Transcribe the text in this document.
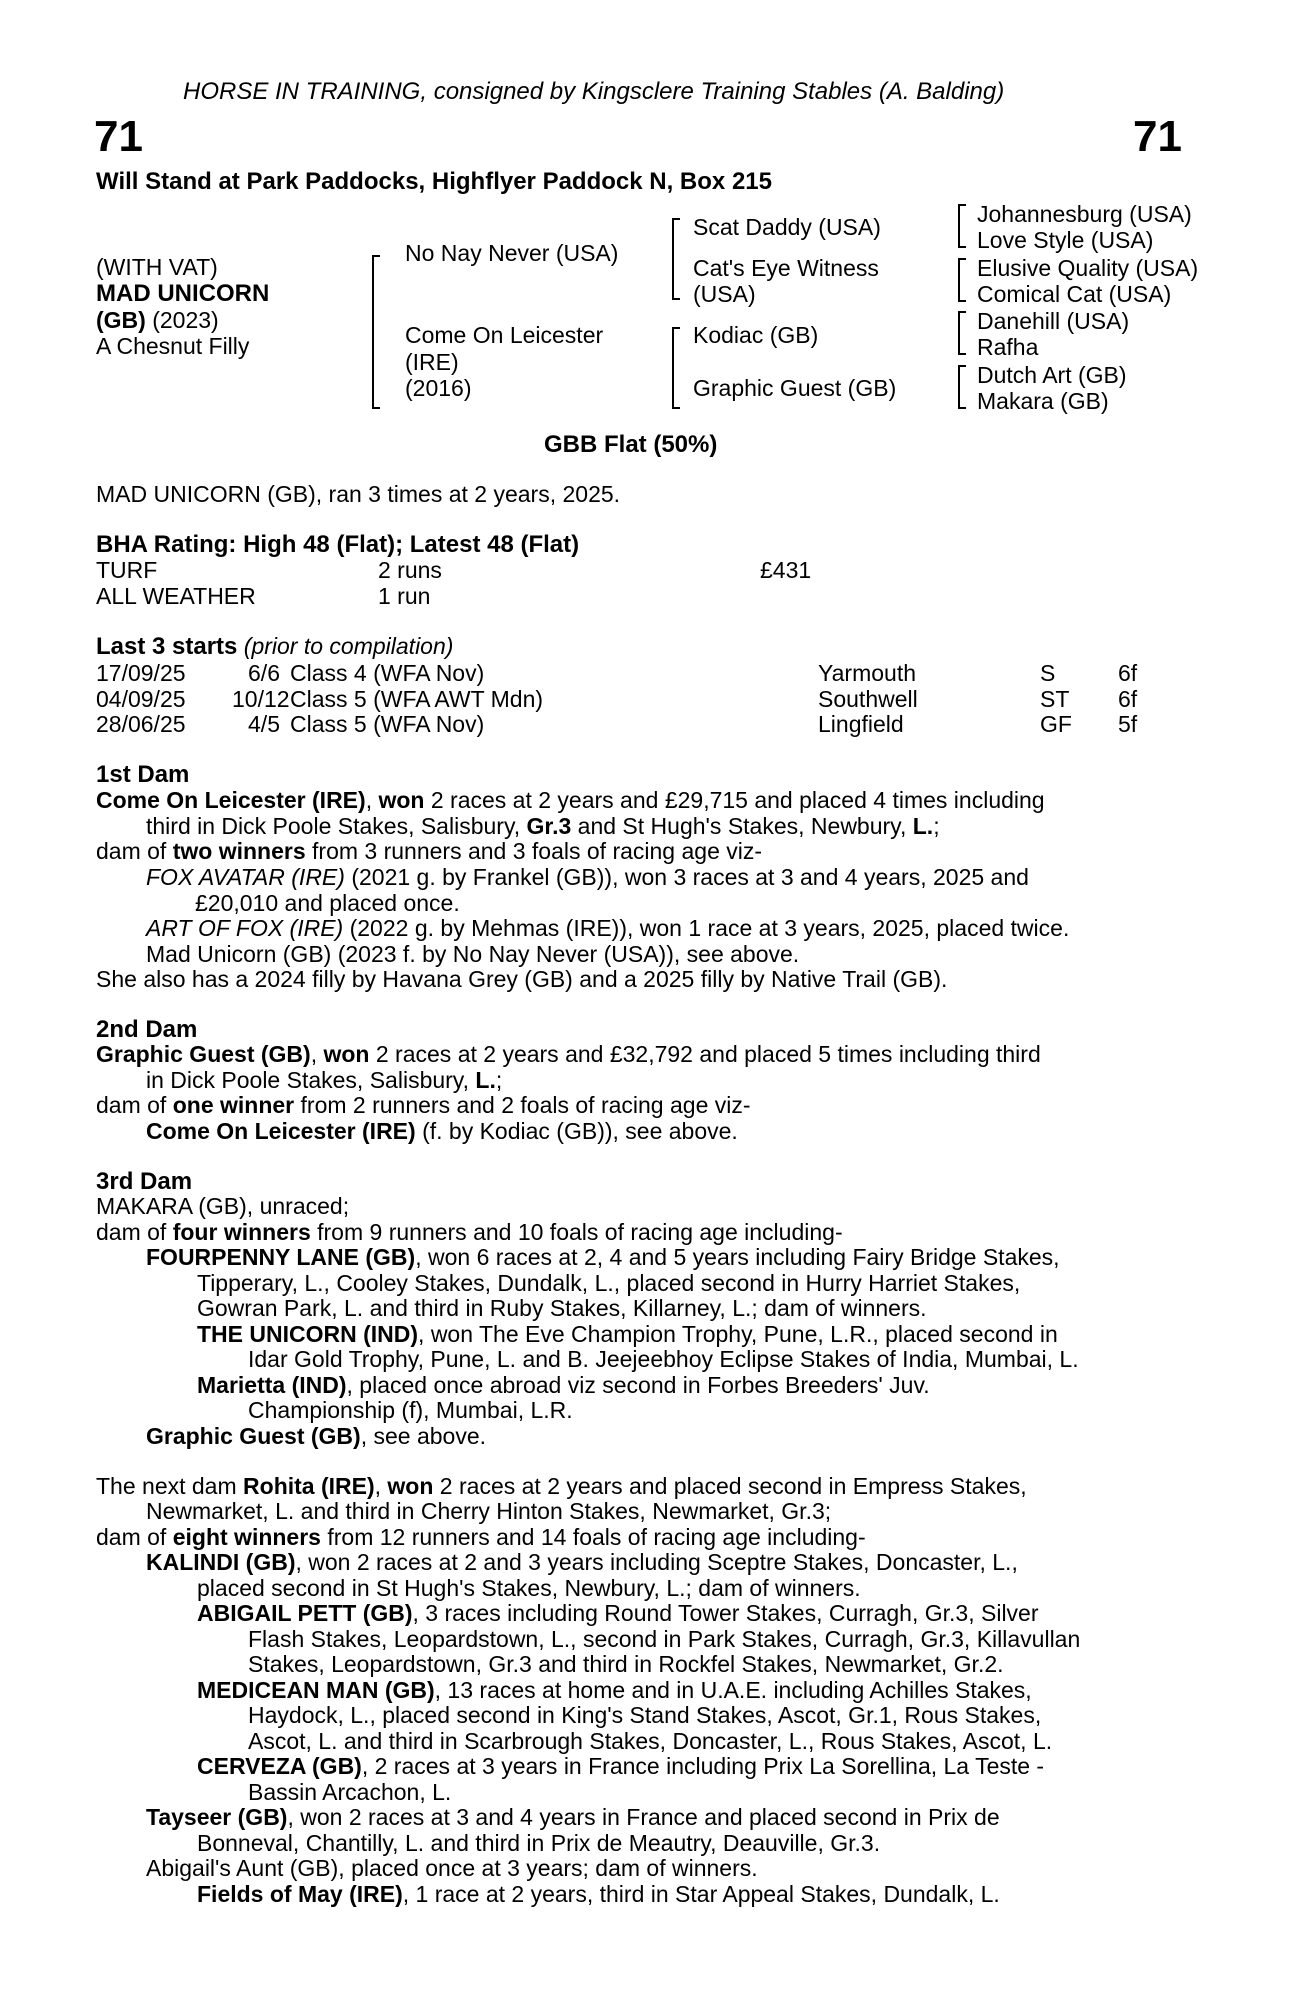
HORSE IN TRAINING, consigned by Kingsclere Training Stables (A. Balding)
71	71
Will Stand at Park Paddocks, Highflyer Paddock N, Box 215
(WITH VAT)
MAD UNICORN
(GB) (2023)
A Chesnut Filly
No Nay Never (USA)
Come On Leicester
(IRE)
(2016)
Scat Daddy (USA)
Cat's Eye Witness
(USA)
Kodiac (GB)
Graphic Guest (GB)
Johannesburg (USA)
Love Style (USA)
Elusive Quality (USA)
Comical Cat (USA)
Danehill (USA)
Rafha
Dutch Art (GB)
Makara (GB)
GBB Flat (50%)
MAD UNICORN (GB), ran 3 times at 2 years, 2025.
BHA Rating: High 48 (Flat); Latest 48 (Flat)
TURF	2 runs	£431
ALL WEATHER	1 run
Last 3 starts (prior to compilation)
17/09/25	6/6 Class 4 (WFA Nov)	Yarmouth	S	6f
04/09/25 10/12 Class 5 (WFA AWT Mdn)	Southwell	ST 6f
28/06/25	4/5 Class 5 (WFA Nov)	Lingfield	GF 5f
1st Dam
Come On Leicester (IRE), won 2 races at 2 years and £29,715 and placed 4 times including
third in Dick Poole Stakes, Salisbury, Gr.3 and St Hugh's Stakes, Newbury, L.;
dam of two winners from 3 runners and 3 foals of racing age viz-
FOX AVATAR (IRE) (2021 g. by Frankel (GB)), won 3 races at 3 and 4 years, 2025 and
£20,010 and placed once.
ART OF FOX (IRE) (2022 g. by Mehmas (IRE)), won 1 race at 3 years, 2025, placed twice.
Mad Unicorn (GB) (2023 f. by No Nay Never (USA)), see above.
She also has a 2024 filly by Havana Grey (GB) and a 2025 filly by Native Trail (GB).
2nd Dam
Graphic Guest (GB), won 2 races at 2 years and £32,792 and placed 5 times including third
in Dick Poole Stakes, Salisbury, L.;
dam of one winner from 2 runners and 2 foals of racing age viz-
Come On Leicester (IRE) (f. by Kodiac (GB)), see above.
3rd Dam
MAKARA (GB), unraced;
dam of four winners from 9 runners and 10 foals of racing age including-
FOURPENNY LANE (GB), won 6 races at 2, 4 and 5 years including Fairy Bridge Stakes,
Tipperary, L., Cooley Stakes, Dundalk, L., placed second in Hurry Harriet Stakes,
Gowran Park, L. and third in Ruby Stakes, Killarney, L.; dam of winners.
THE UNICORN (IND), won The Eve Champion Trophy, Pune, L.R., placed second in
Idar Gold Trophy, Pune, L. and B. Jeejeebhoy Eclipse Stakes of India, Mumbai, L.
Marietta (IND), placed once abroad viz second in Forbes Breeders' Juv.
Championship (f), Mumbai, L.R.
Graphic Guest (GB), see above.
The next dam Rohita (IRE), won 2 races at 2 years and placed second in Empress Stakes,
Newmarket, L. and third in Cherry Hinton Stakes, Newmarket, Gr.3;
dam of eight winners from 12 runners and 14 foals of racing age including-
KALINDI (GB), won 2 races at 2 and 3 years including Sceptre Stakes, Doncaster, L.,
placed second in St Hugh's Stakes, Newbury, L.; dam of winners.
ABIGAIL PETT (GB), 3 races including Round Tower Stakes, Curragh, Gr.3, Silver
Flash Stakes, Leopardstown, L., second in Park Stakes, Curragh, Gr.3, Killavullan
Stakes, Leopardstown, Gr.3 and third in Rockfel Stakes, Newmarket, Gr.2.
MEDICEAN MAN (GB), 13 races at home and in U.A.E. including Achilles Stakes,
Haydock, L., placed second in King's Stand Stakes, Ascot, Gr.1, Rous Stakes,
Ascot, L. and third in Scarbrough Stakes, Doncaster, L., Rous Stakes, Ascot, L.
CERVEZA (GB), 2 races at 3 years in France including Prix La Sorellina, La Teste -
Bassin Arcachon, L.
Tayseer (GB), won 2 races at 3 and 4 years in France and placed second in Prix de
Bonneval, Chantilly, L. and third in Prix de Meautry, Deauville, Gr.3.
Abigail's Aunt (GB), placed once at 3 years; dam of winners.
Fields of May (IRE), 1 race at 2 years, third in Star Appeal Stakes, Dundalk, L.
